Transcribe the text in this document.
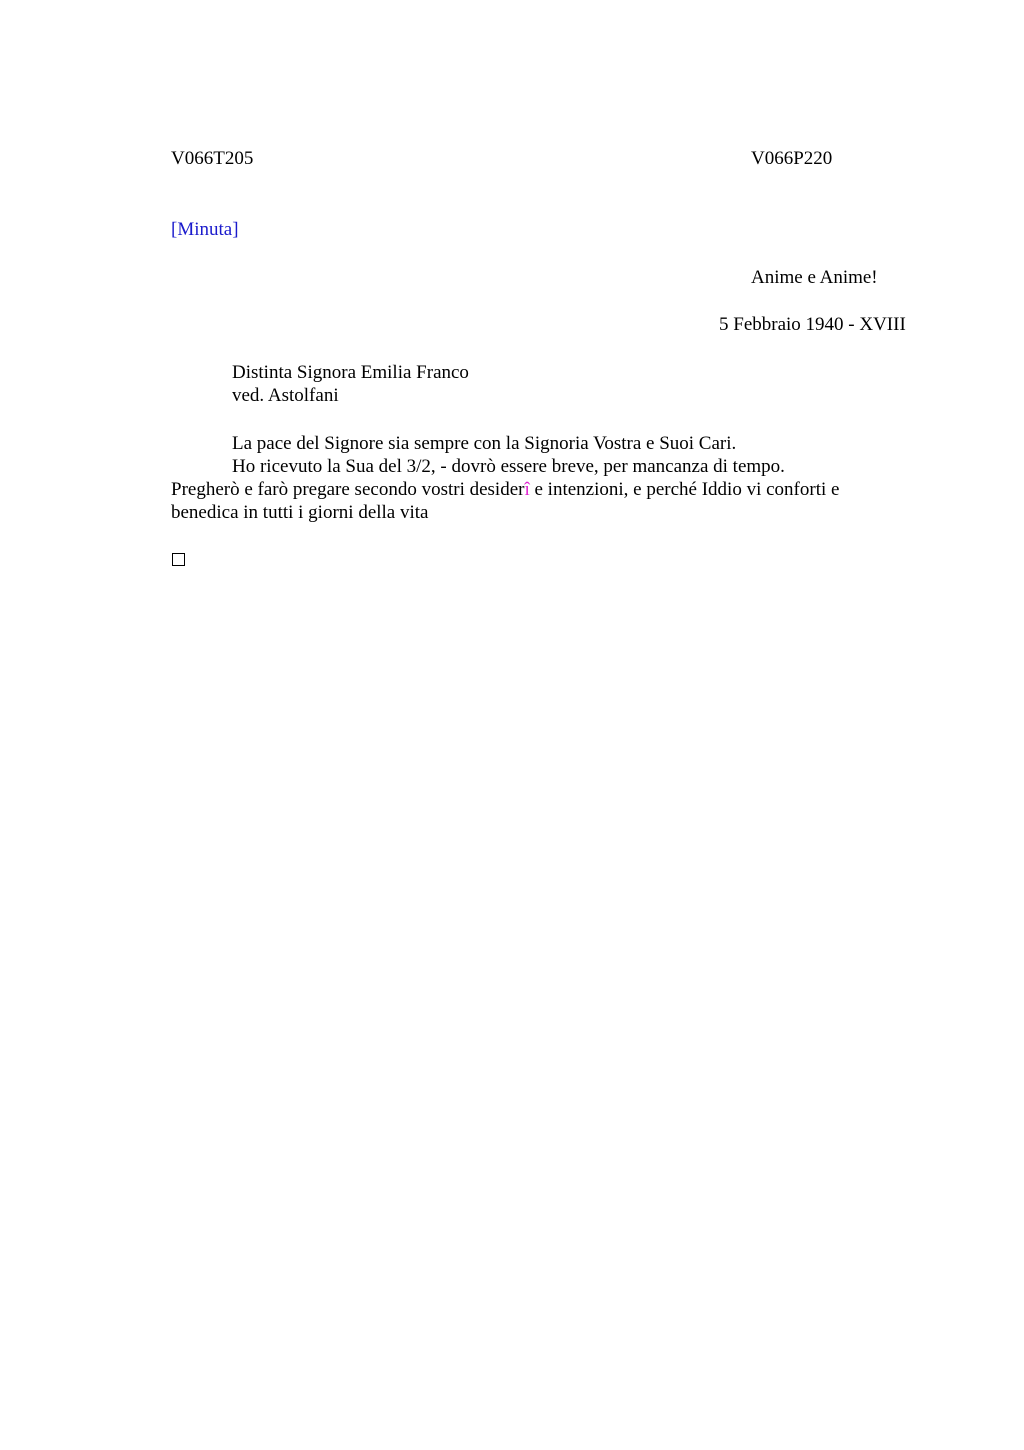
V066T205	V066P220
[Minuta]
Anime e Anime!
5 Febbraio 1940 - XVIII
Distinta Signora Emilia Franco
ved. Astolfani
La pace del Signore sia sempre con la Signoria Vostra e Suoi Cari.
Ho ricevuto la Sua del 3/2, - dovrò essere breve, per mancanza di tempo.
Pregherò e farò pregare secondo vostri desiderî e intenzioni, e perché Iddio vi conforti e benedica in tutti i giorni della vita
